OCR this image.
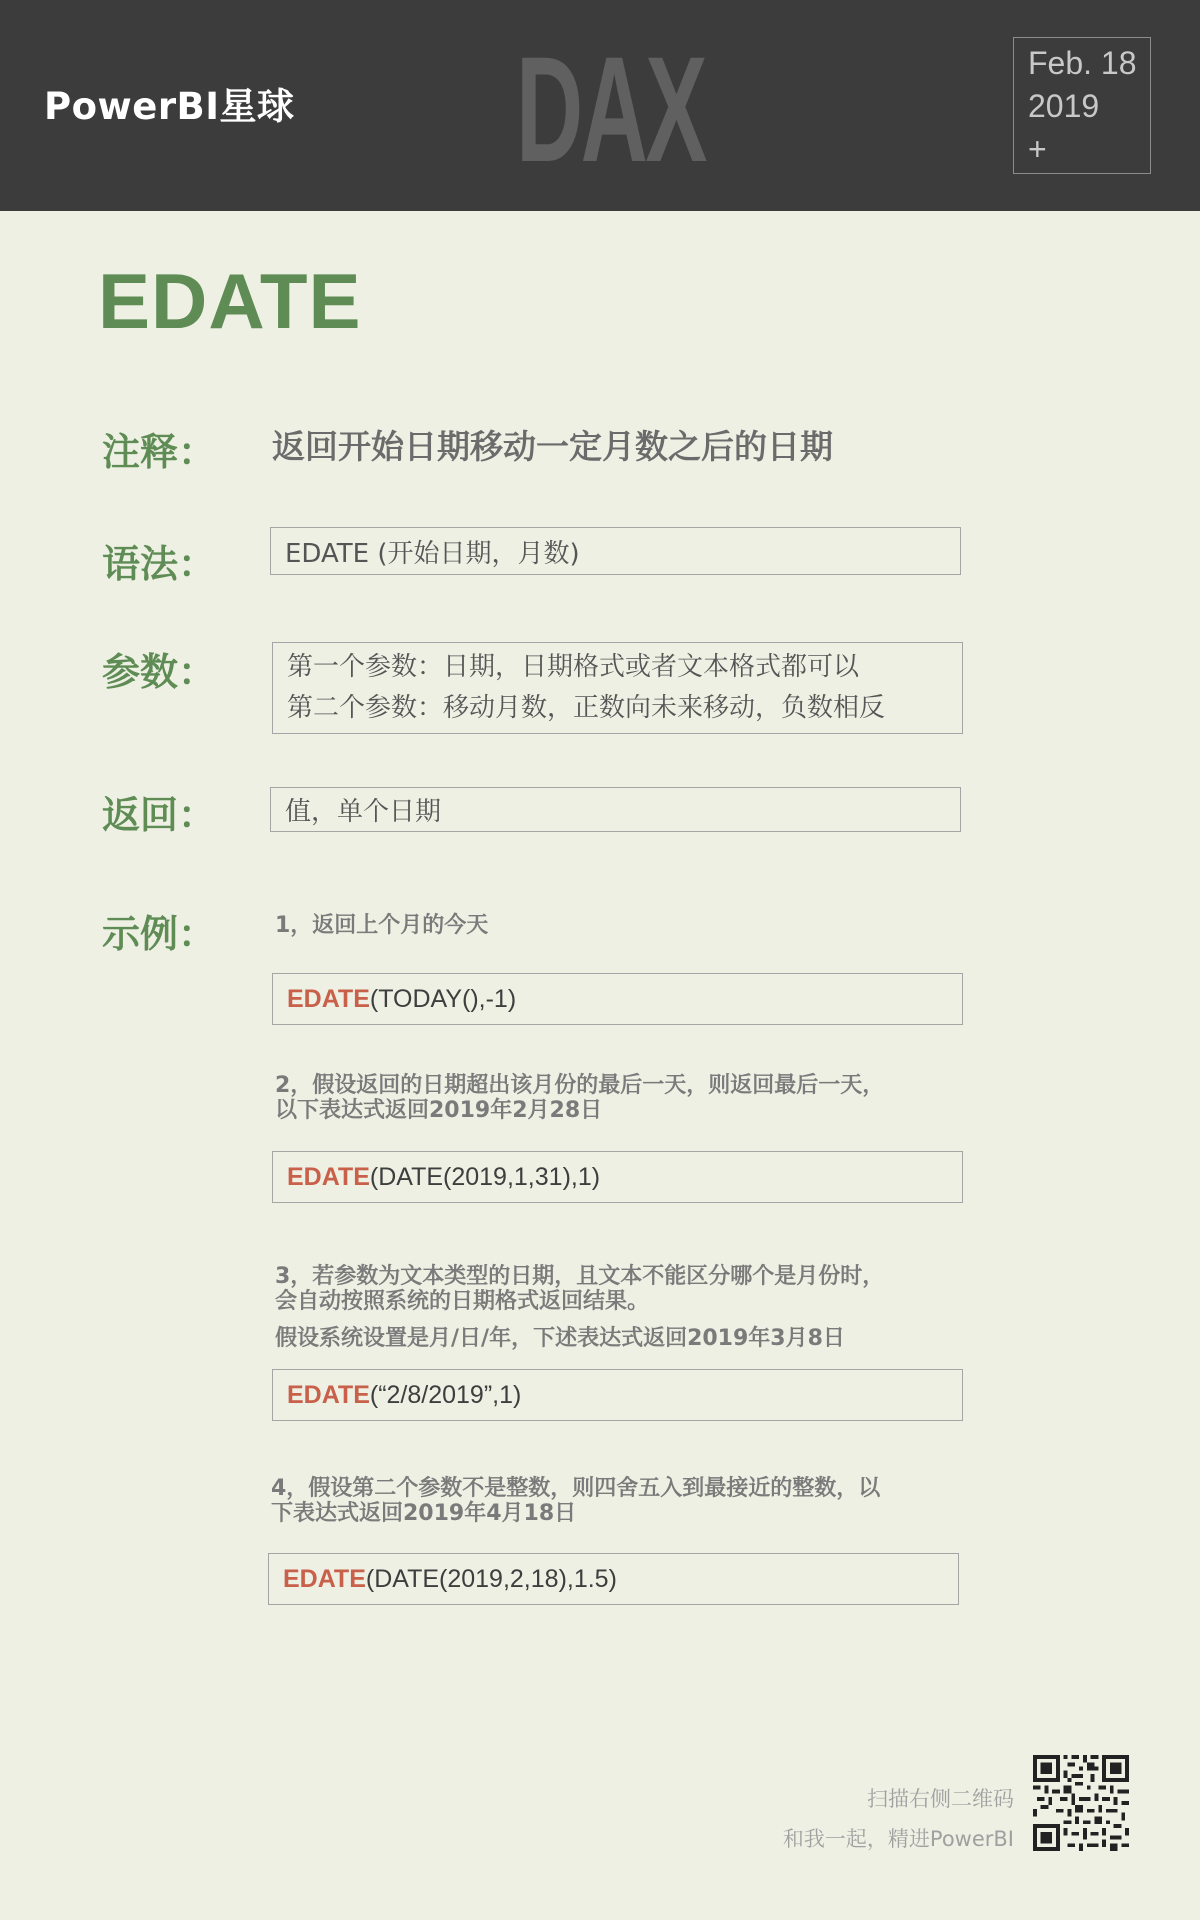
PowerBI星球 DAX	Feb. 18
2019
+
EDATE
注释： 返回开始日期移动一定月数之后的日期
语法：	EDATE (开始日期，月数)
参数：	第一个参数：日期，日期格式或者文本格式都可以
第二个参数：移动月数，正数向未来移动，负数相反
返回：	值，单个日期
示例：	1，返回上个月的今天
EDATE (TODAY(),-1)
2，假设返回的日期超出该月份的最后一天，则返回最后一天，
以下表达式返回2019年2月28日
EDATE (DATE(2019,1,31),1)
3，若参数为文本类型的日期，且文本不能区分哪个是月份时，
会自动按照系统的日期格式返回结果。
假设系统设置是月/日/年，下述表达式返回2019年3月8日
EDATE (“2/8/2019”,1)
4，假设第二个参数不是整数，则四舍五入到最接近的整数，以
下表达式返回2019年4月18日
EDATE (DATE(2019,2,18),1.5)
扫描右侧二维码
和我一起，精进PowerBI
